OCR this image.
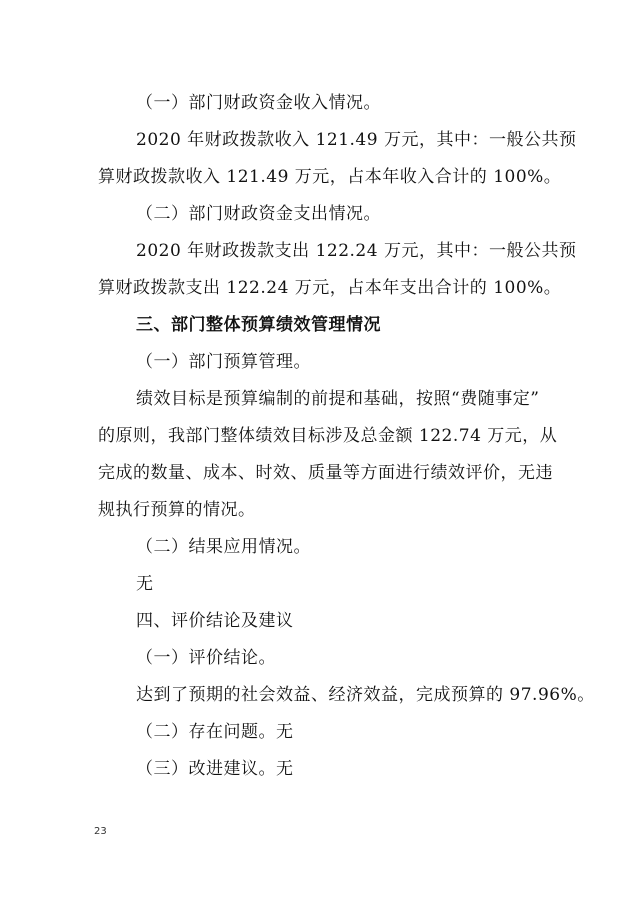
（一）部门财政资金收入情况。
2020 年财政拨款收入 121.49 万元，其中：一般公共预
算财政拨款收入 121.49 万元，占本年收入合计的 100%。
（二）部门财政资金支出情况。
2020 年财政拨款支出 122.24 万元，其中：一般公共预
算财政拨款支出 122.24 万元，占本年支出合计的 100%。
三、部门整体预算绩效管理情况
（一）部门预算管理。
绩效目标是预算编制的前提和基础，按照“费随事定”
的原则，我部门整体绩效目标涉及总金额 122.74 万元，从
完成的数量、成本、时效、质量等方面进行绩效评价，无违
规执行预算的情况。
（二）结果应用情况。
无
四、评价结论及建议
（一）评价结论。
达到了预期的社会效益、经济效益，完成预算的 97.96%。
（二）存在问题。无
（三）改进建议。无
23
